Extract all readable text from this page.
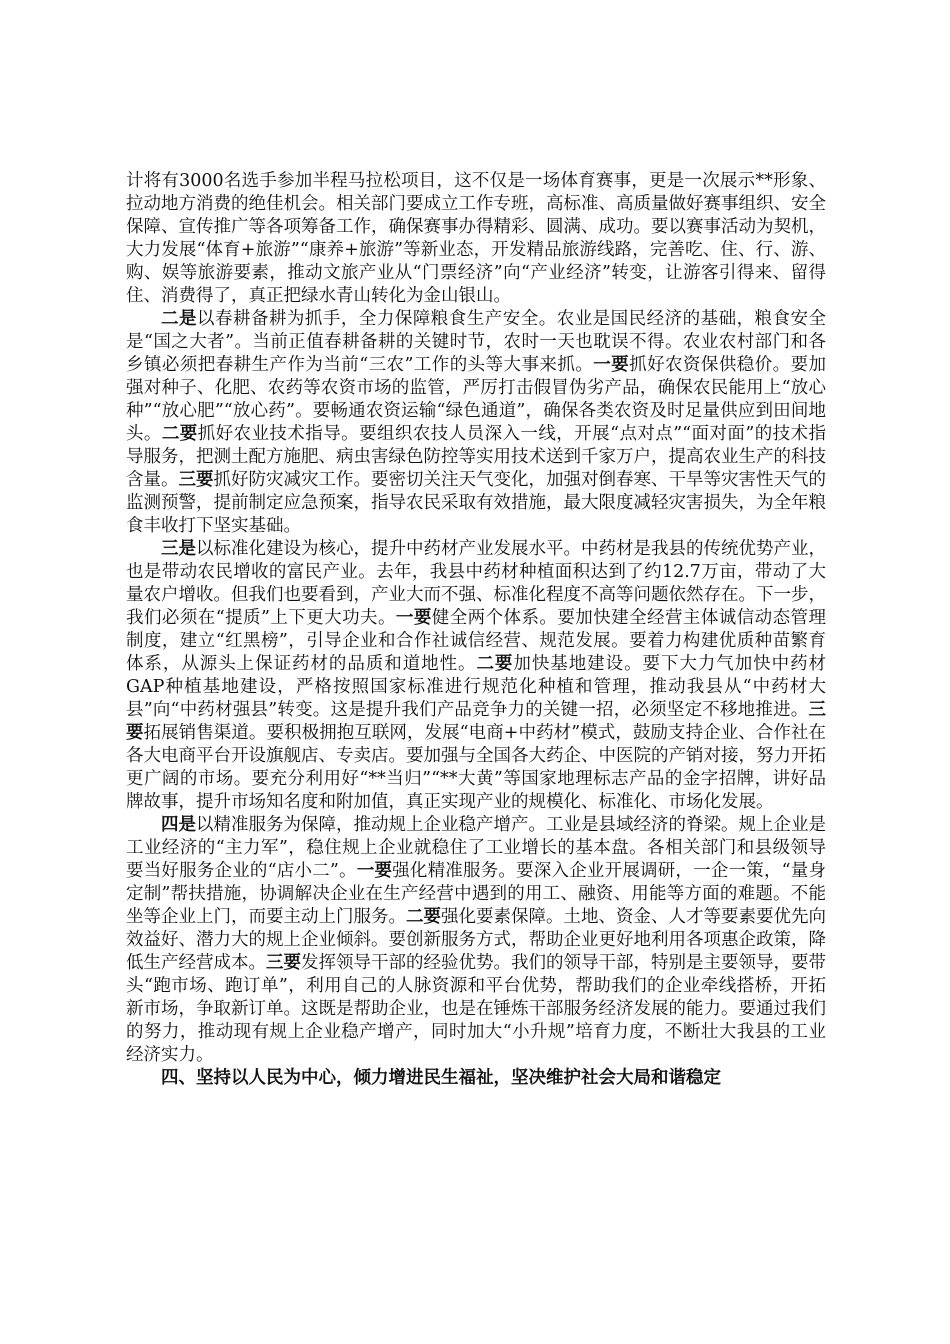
计将有3000名选手参加半程马拉松项目，这不仅是一场体育赛事，更是一次展示**形象、拉动地方消费的绝佳机会。相关部门要成立工作专班，高标准、高质量做好赛事组织、安全保障、宣传推广等各项筹备工作，确保赛事办得精彩、圆满、成功。要以赛事活动为契机，大力发展“体育+旅游”“康养+旅游”等新业态，开发精品旅游线路，完善吃、住、行、游、购、娱等旅游要素，推动文旅产业从“门票经济”向“产业经济”转变，让游客引得来、留得住、消费得了，真正把绿水青山转化为金山银山。

二是以春耕备耕为抓手，全力保障粮食生产安全。农业是国民经济的基础，粮食安全是“国之大者”。当前正值春耕备耕的关键时节，农时一天也耽误不得。农业农村部门和各乡镇必须把春耕生产作为当前“三农”工作的头等大事来抓。一要抓好农资保供稳价。要加强对种子、化肥、农药等农资市场的监管，严厉打击假冒伪劣产品，确保农民能用上“放心种”“放心肥”“放心药”。要畅通农资运输“绿色通道”，确保各类农资及时足量供应到田间地头。二要抓好农业技术指导。要组织农技人员深入一线，开展“点对点”“面对面”的技术指导服务，把测土配方施肥、病虫害绿色防控等实用技术送到千家万户，提高农业生产的科技含量。三要抓好防灾减灾工作。要密切关注天气变化，加强对倒春寒、干旱等灾害性天气的监测预警，提前制定应急预案，指导农民采取有效措施，最大限度减轻灾害损失，为全年粮食丰收打下坚实基础。

三是以标准化建设为核心，提升中药材产业发展水平。中药材是我县的传统优势产业，也是带动农民增收的富民产业。去年，我县中药材种植面积达到了约12.7万亩，带动了大量农户增收。但我们也要看到，产业大而不强、标准化程度不高等问题依然存在。下一步，我们必须在“提质”上下更大功夫。一要健全两个体系。要加快建全经营主体诚信动态管理制度，建立“红黑榜”，引导企业和合作社诚信经营、规范发展。要着力构建优质种苗繁育体系，从源头上保证药材的品质和道地性。二要加快基地建设。要下大力气加快中药材GAP种植基地建设，严格按照国家标准进行规范化种植和管理，推动我县从“中药材大县”向“中药材强县”转变。这是提升我们产品竞争力的关键一招，必须坚定不移地推进。三要拓展销售渠道。要积极拥抱互联网，发展“电商+中药材”模式，鼓励支持企业、合作社在各大电商平台开设旗舰店、专卖店。要加强与全国各大药企、中医院的产销对接，努力开拓更广阔的市场。要充分利用好“**当归”“**大黄”等国家地理标志产品的金字招牌，讲好品牌故事，提升市场知名度和附加值，真正实现产业的规模化、标准化、市场化发展。

四是以精准服务为保障，推动规上企业稳产增产。工业是县域经济的脊梁。规上企业是工业经济的“主力军”，稳住规上企业就稳住了工业增长的基本盘。各相关部门和县级领导要当好服务企业的“店小二”。一要强化精准服务。要深入企业开展调研，一企一策，“量身定制”帮扶措施，协调解决企业在生产经营中遇到的用工、融资、用能等方面的难题。不能坐等企业上门，而要主动上门服务。二要强化要素保障。土地、资金、人才等要素要优先向效益好、潜力大的规上企业倾斜。要创新服务方式，帮助企业更好地利用各项惠企政策，降低生产经营成本。三要发挥领导干部的经验优势。我们的领导干部，特别是主要领导，要带头“跑市场、跑订单”，利用自己的人脉资源和平台优势，帮助我们的企业牵线搭桥，开拓新市场，争取新订单。这既是帮助企业，也是在锤炼干部服务经济发展的能力。要通过我们的努力，推动现有规上企业稳产增产，同时加大“小升规”培育力度，不断壮大我县的工业经济实力。

四、坚持以人民为中心，倾力增进民生福祉，坚决维护社会大局和谐稳定
